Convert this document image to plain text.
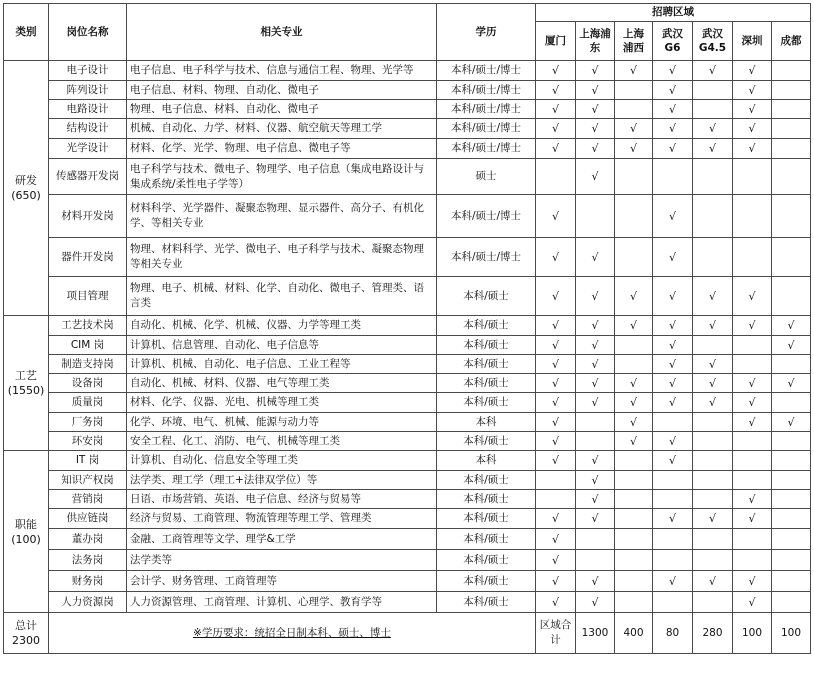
类别	岗位名称	相关专业	学历	招聘区域							
				厦门	上海浦东	上海浦西	武汉G6	武汉G4.5	深圳	成都	
研发
(650)	电子设计	电子信息、电子科学与技术、信息与通信工程、物理、光学等	本科/硕士/博士	√	√	√	√	√	√		
	阵列设计	电子信息、材料、物理、自动化、微电子	本科/硕士/博士	√	√		√		√		
	电路设计	物理、电子信息、材料、自动化、微电子	本科/硕士/博士	√	√		√		√		
	结构设计	机械、自动化、力学、材料、仪器、航空航天等理工学	本科/硕士/博士	√	√	√	√	√	√		
	光学设计	材料、化学、光学、物理、电子信息、微电子等	本科/硕士/博士	√	√	√	√	√	√		
	传感器开发岗	电子科学与技术、微电子、物理学、电子信息（集成电路设计与集成系统/柔性电子学等）	硕士		√						
	材料开发岗	材料科学、光学器件、凝聚态物理、显示器件、高分子、有机化学、等相关专业	本科/硕士/博士	√			√				
	器件开发岗	物理、材料科学、光学、微电子、电子科学与技术、凝聚态物理等相关专业	本科/硕士/博士	√	√		√				
	项目管理	物理、电子、机械、材料、化学、自动化、微电子、管理类、语言类	本科/硕士	√	√	√	√	√	√		
工艺
(1550)	工艺技术岗	自动化、机械、化学、机械、仪器、力学等理工类	本科/硕士	√	√	√	√	√	√	√	
	CIM 岗	计算机、信息管理、自动化、电子信息等	本科/硕士	√	√		√			√	
	制造支持岗	计算机、机械、自动化、电子信息、工业工程等	本科/硕士	√	√		√	√			
	设备岗	自动化、机械、材料、仪器、电气等理工类	本科/硕士	√	√	√	√	√	√	√	
	质量岗	材料、化学、仪器、光电、机械等理工类	本科/硕士	√	√	√	√	√	√		
	厂务岗	化学、环境、电气、机械、能源与动力等	本科	√		√			√	√	
	环安岗	安全工程、化工、消防、电气、机械等理工类	本科/硕士	√		√	√				
职能
(100)	IT 岗	计算机、自动化、信息安全等理工类	本科	√	√		√				
	知识产权岗	法学类、理工学（理工+法律双学位）等	本科/硕士		√						
	营销岗	日语、市场营销、英语、电子信息、经济与贸易等	本科/硕士		√				√		
	供应链岗	经济与贸易、工商管理、物流管理等理工学、管理类	本科/硕士	√	√		√	√	√		
	董办岗	金融、工商管理等文学、理学&工学	本科/硕士	√							
	法务岗	法学类等	本科/硕士	√							
	财务岗	会计学、财务管理、工商管理等	本科/硕士	√	√		√	√	√		
	人力资源岗	人力资源管理、工商管理、计算机、心理学、教育学等	本科/硕士	√	√				√		
总计
2300	※学历要求：统招全日制本科、硕士、博士			区域合计	1300	400	80	280	100	100	
